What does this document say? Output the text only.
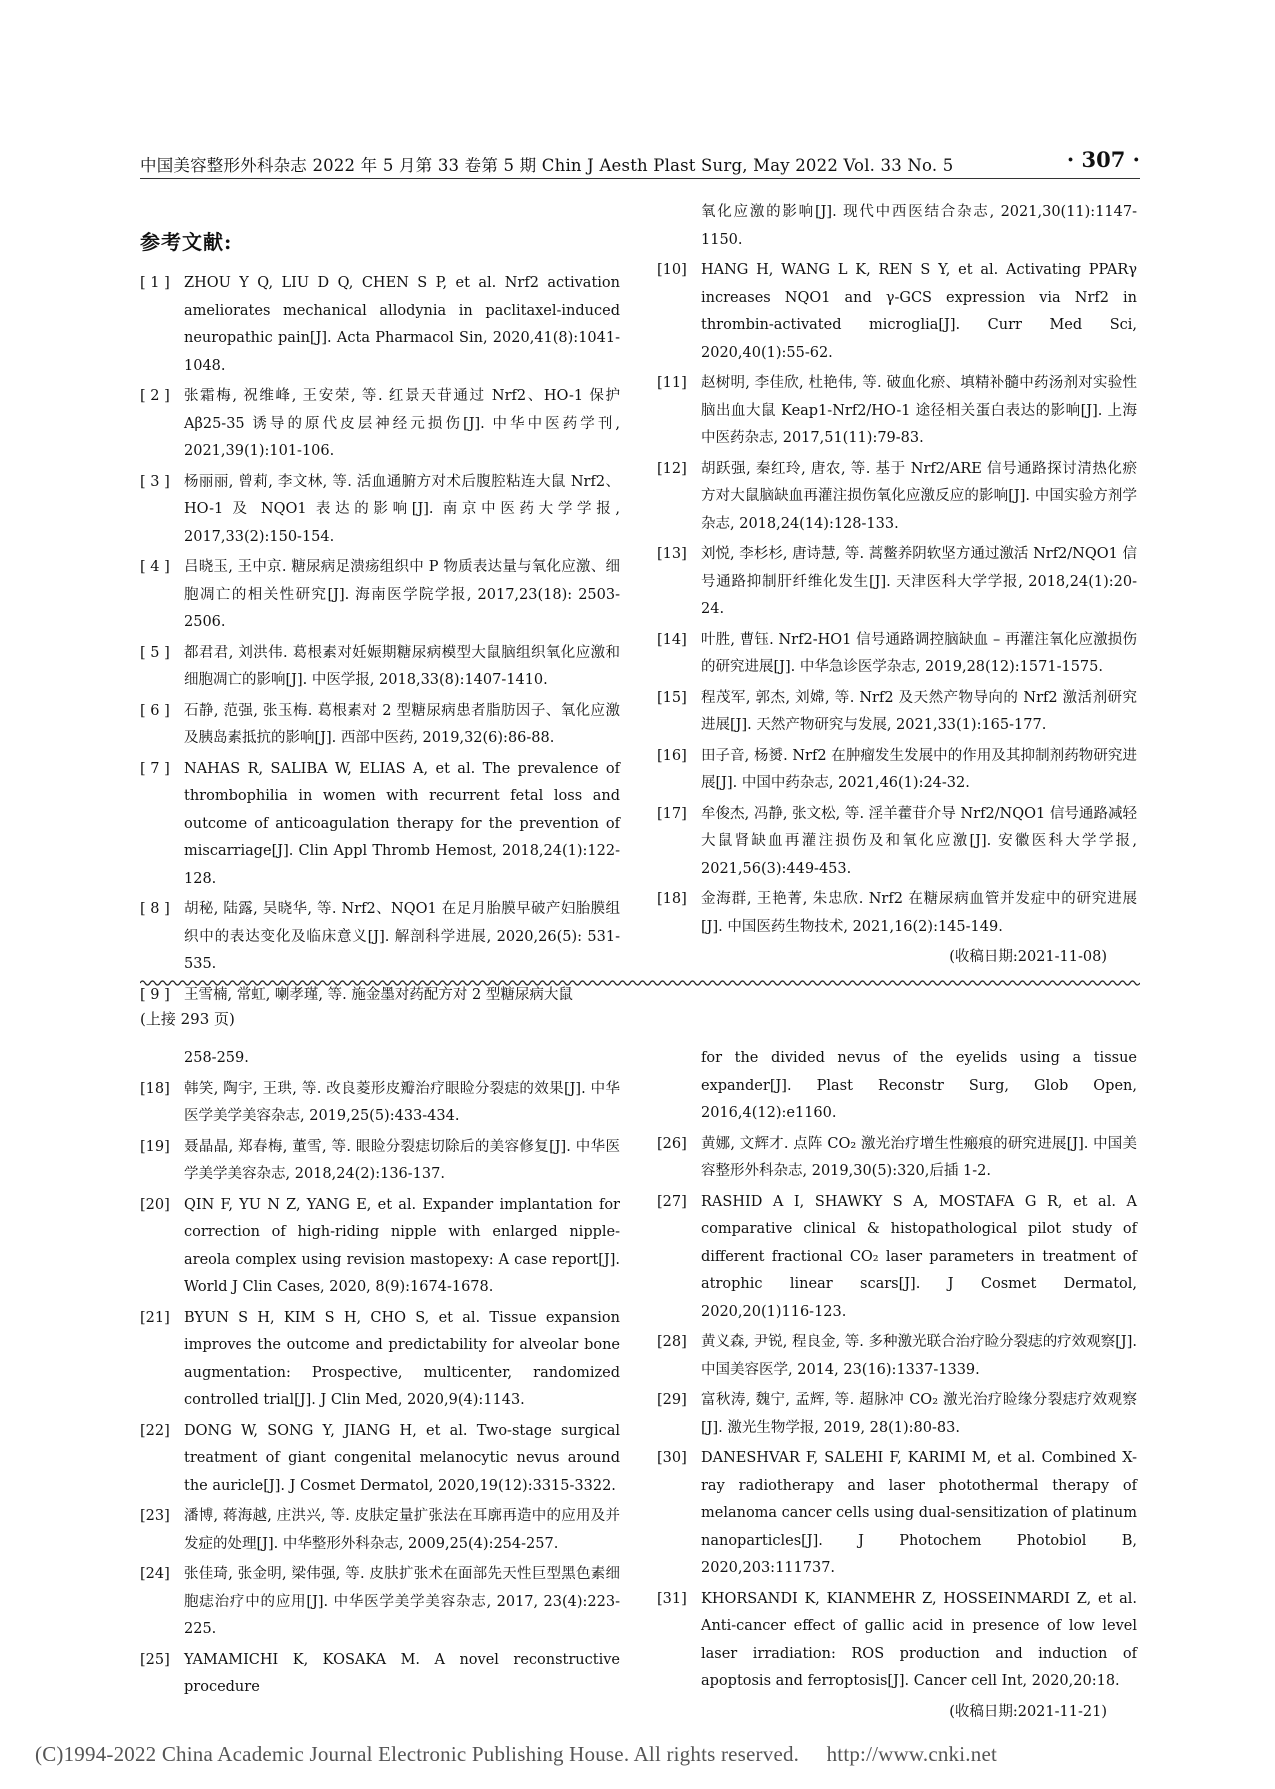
中国美容整形外科杂志 2022 年 5 月第 33 卷第 5 期 Chin J Aesth Plast Surg, May 2022 Vol. 33 No. 5	· 307 ·
参考文献:
[ 1 ] ZHOU Y Q, LIU D Q, CHEN S P, et al. Nrf2 activation ameliorates mechanical allodynia in paclitaxel-induced neuropathic pain[J]. Acta Pharmacol Sin, 2020,41(8):1041-1048.
[ 2 ] 张霜梅, 祝维峰, 王安荣, 等. 红景天苷通过 Nrf2、HO-1 保护 Aβ25-35 诱导的原代皮层神经元损伤[J]. 中华中医药学刊, 2021,39(1):101-106.
[ 3 ] 杨丽丽, 曾莉, 李文林, 等. 活血通腑方对术后腹腔粘连大鼠 Nrf2、HO-1 及 NQO1 表达的影响[J]. 南京中医药大学学报, 2017,33(2):150-154.
[ 4 ] 吕晓玉, 王中京. 糖尿病足溃疡组织中 P 物质表达量与氧化应激、细胞凋亡的相关性研究[J]. 海南医学院学报, 2017,23(18): 2503-2506.
[ 5 ] 都君君, 刘洪伟. 葛根素对妊娠期糖尿病模型大鼠脑组织氧化应激和细胞凋亡的影响[J]. 中医学报, 2018,33(8):1407-1410.
[ 6 ] 石静, 范强, 张玉梅. 葛根素对 2 型糖尿病患者脂肪因子、氧化应激及胰岛素抵抗的影响[J]. 西部中医药, 2019,32(6):86-88.
[ 7 ] NAHAS R, SALIBA W, ELIAS A, et al. The prevalence of thrombophilia in women with recurrent fetal loss and outcome of anticoagulation therapy for the prevention of miscarriage[J]. Clin Appl Thromb Hemost, 2018,24(1):122-128.
[ 8 ] 胡秘, 陆露, 吴晓华, 等. Nrf2、NQO1 在足月胎膜早破产妇胎膜组织中的表达变化及临床意义[J]. 解剖科学进展, 2020,26(5): 531-535.
[ 9 ] 王雪楠, 常虹, 喇孝瑾, 等. 施金墨对药配方对 2 型糖尿病大鼠
氧化应激的影响[J]. 现代中西医结合杂志, 2021,30(11):1147-1150.
[10] HANG H, WANG L K, REN S Y, et al. Activating PPARγ increases NQO1 and γ-GCS expression via Nrf2 in thrombin-activated microglia[J]. Curr Med Sci, 2020,40(1):55-62.
[11] 赵树明, 李佳欣, 杜艳伟, 等. 破血化瘀、填精补髓中药汤剂对实验性脑出血大鼠 Keap1-Nrf2/HO-1 途径相关蛋白表达的影响[J]. 上海中医药杂志, 2017,51(11):79-83.
[12] 胡跃强, 秦红玲, 唐农, 等. 基于 Nrf2/ARE 信号通路探讨清热化瘀方对大鼠脑缺血再灌注损伤氧化应激反应的影响[J]. 中国实验方剂学杂志, 2018,24(14):128-133.
[13] 刘悦, 李杉杉, 唐诗慧, 等. 蒿鳖养阴软坚方通过激活 Nrf2/NQO1 信号通路抑制肝纤维化发生[J]. 天津医科大学学报, 2018,24(1):20-24.
[14] 叶胜, 曹钰. Nrf2-HO1 信号通路调控脑缺血 – 再灌注氧化应激损伤的研究进展[J]. 中华急诊医学杂志, 2019,28(12):1571-1575.
[15] 程茂军, 郭杰, 刘嫦, 等. Nrf2 及天然产物导向的 Nrf2 激活剂研究进展[J]. 天然产物研究与发展, 2021,33(1):165-177.
[16] 田子音, 杨赟. Nrf2 在肿瘤发生发展中的作用及其抑制剂药物研究进展[J]. 中国中药杂志, 2021,46(1):24-32.
[17] 牟俊杰, 冯静, 张文松, 等. 淫羊藿苷介导 Nrf2/NQO1 信号通路减轻大鼠肾缺血再灌注损伤及和氧化应激[J]. 安徽医科大学学报, 2021,56(3):449-453.
[18] 金海群, 王艳菁, 朱忠欣. Nrf2 在糖尿病血管并发症中的研究进展[J]. 中国医药生物技术, 2021,16(2):145-149.
(收稿日期:2021-11-08)
(上接 293 页)
258-259.
[18] 韩笑, 陶宇, 王珙, 等. 改良菱形皮瓣治疗眼睑分裂痣的效果[J]. 中华医学美学美容杂志, 2019,25(5):433-434.
[19] 聂晶晶, 郑春梅, 董雪, 等. 眼睑分裂痣切除后的美容修复[J]. 中华医学美学美容杂志, 2018,24(2):136-137.
[20] QIN F, YU N Z, YANG E, et al. Expander implantation for correction of high-riding nipple with enlarged nipple-areola complex using revision mastopexy: A case report[J]. World J Clin Cases, 2020, 8(9):1674-1678.
[21] BYUN S H, KIM S H, CHO S, et al. Tissue expansion improves the outcome and predictability for alveolar bone augmentation: Prospective, multicenter, randomized controlled trial[J]. J Clin Med, 2020,9(4):1143.
[22] DONG W, SONG Y, JIANG H, et al. Two-stage surgical treatment of giant congenital melanocytic nevus around the auricle[J]. J Cosmet Dermatol, 2020,19(12):3315-3322.
[23] 潘博, 蒋海越, 庄洪兴, 等. 皮肤定量扩张法在耳廓再造中的应用及并发症的处理[J]. 中华整形外科杂志, 2009,25(4):254-257.
[24] 张佳琦, 张金明, 梁伟强, 等. 皮肤扩张术在面部先天性巨型黑色素细胞痣治疗中的应用[J]. 中华医学美学美容杂志, 2017, 23(4):223-225.
[25] YAMAMICHI K, KOSAKA M. A novel reconstructive procedure
for the divided nevus of the eyelids using a tissue expander[J]. Plast Reconstr Surg, Glob Open, 2016,4(12):e1160.
[26] 黄娜, 文辉才. 点阵 CO₂ 激光治疗增生性瘢痕的研究进展[J]. 中国美容整形外科杂志, 2019,30(5):320,后插 1-2.
[27] RASHID A I, SHAWKY S A, MOSTAFA G R, et al. A comparative clinical & histopathological pilot study of different fractional CO₂ laser parameters in treatment of atrophic linear scars[J]. J Cosmet Dermatol, 2020,20(1)116-123.
[28] 黄义森, 尹锐, 程良金, 等. 多种激光联合治疗睑分裂痣的疗效观察[J]. 中国美容医学, 2014, 23(16):1337-1339.
[29] 富秋涛, 魏宁, 孟辉, 等. 超脉冲 CO₂ 激光治疗睑缘分裂痣疗效观察[J]. 激光生物学报, 2019, 28(1):80-83.
[30] DANESHVAR F, SALEHI F, KARIMI M, et al. Combined X-ray radiotherapy and laser photothermal therapy of melanoma cancer cells using dual-sensitization of platinum nanoparticles[J]. J Photochem Photobiol B, 2020,203:111737.
[31] KHORSANDI K, KIANMEHR Z, HOSSEINMARDI Z, et al. Anti-cancer effect of gallic acid in presence of low level laser irradiation: ROS production and induction of apoptosis and ferroptosis[J]. Cancer cell Int, 2020,20:18.
(收稿日期:2021-11-21)
(C)1994-2022 China Academic Journal Electronic Publishing House. All rights reserved. http://www.cnki.net
